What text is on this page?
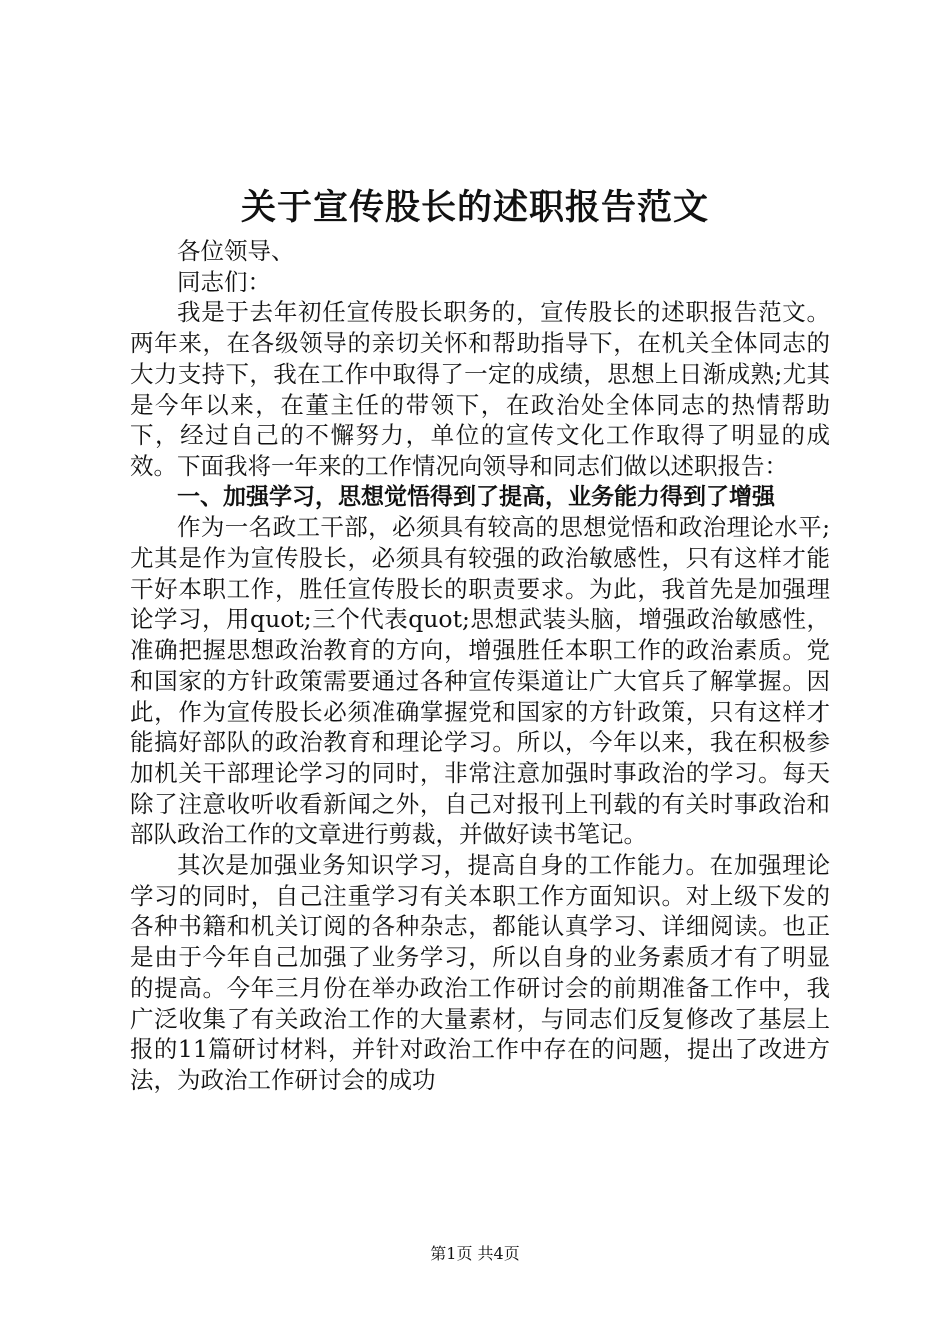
关于宣传股长的述职报告范文

各位领导、

同志们：

我是于去年初任宣传股长职务的，宣传股长的述职报告范文。两年来，在各级领导的亲切关怀和帮助指导下，在机关全体同志的大力支持下，我在工作中取得了一定的成绩，思想上日渐成熟;尤其是今年以来，在董主任的带领下，在政治处全体同志的热情帮助下，经过自己的不懈努力，单位的宣传文化工作取得了明显的成效。下面我将一年来的工作情况向领导和同志们做以述职报告：

一、加强学习，思想觉悟得到了提高，业务能力得到了增强

作为一名政工干部，必须具有较高的思想觉悟和政治理论水平;尤其是作为宣传股长，必须具有较强的政治敏感性，只有这样才能干好本职工作，胜任宣传股长的职责要求。为此，我首先是加强理论学习，用quot;三个代表quot;思想武装头脑，增强政治敏感性，准确把握思想政治教育的方向，增强胜任本职工作的政治素质。党和国家的方针政策需要通过各种宣传渠道让广大官兵了解掌握。因此，作为宣传股长必须准确掌握党和国家的方针政策，只有这样才能搞好部队的政治教育和理论学习。所以，今年以来，我在积极参加机关干部理论学习的同时，非常注意加强时事政治的学习。每天除了注意收听收看新闻之外，自己对报刊上刊载的有关时事政治和部队政治工作的文章进行剪裁，并做好读书笔记。

其次是加强业务知识学习，提高自身的工作能力。在加强理论学习的同时，自己注重学习有关本职工作方面知识。对上级下发的各种书籍和机关订阅的各种杂志，都能认真学习、详细阅读。也正是由于今年自己加强了业务学习，所以自身的业务素质才有了明显的提高。今年三月份在举办政治工作研讨会的前期准备工作中，我广泛收集了有关政治工作的大量素材，与同志们反复修改了基层上报的11篇研讨材料，并针对政治工作中存在的问题，提出了改进方法，为政治工作研讨会的成功

第1页 共4页
